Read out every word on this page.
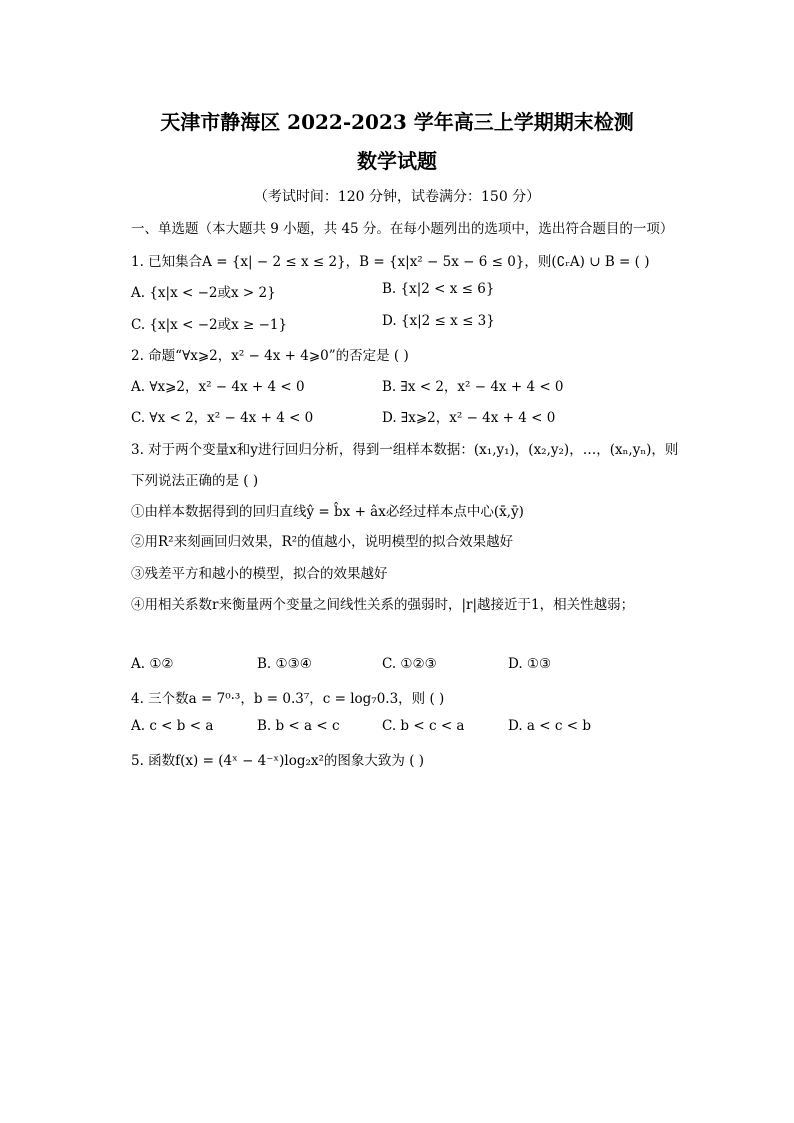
天津市静海区 2022-2023 学年高三上学期期末检测
数学试题
（考试时间：120 分钟，试卷满分：150 分）
一、单选题（本大题共 9 小题，共 45 分。在每小题列出的选项中，选出符合题目的一项）
1. 已知集合A = {x| − 2 ≤ x ≤ 2}，B = {x|x² − 5x − 6 ≤ 0}，则(∁ᵣA) ∪ B = ( )
A. {x|x < −2或x > 2}	B. {x|2 < x ≤ 6}
C. {x|x < −2或x ≥ −1}	D. {x|2 ≤ x ≤ 3}
2. 命题“∀x⩾2，x² − 4x + 4⩾0”的否定是 ( )
A. ∀x⩾2，x² − 4x + 4 < 0	B. ∃x < 2，x² − 4x + 4 < 0
C. ∀x < 2，x² − 4x + 4 < 0	D. ∃x⩾2，x² − 4x + 4 < 0
3. 对于两个变量x和y进行回归分析，得到一组样本数据：(x₁,y₁)，(x₂,y₂)，…，(xₙ,yₙ)，则
下列说法正确的是 ( )
①由样本数据得到的回归直线ŷ = b̂x + âx必经过样本点中心(x̄,ȳ)
②用R²来刻画回归效果，R²的值越小，说明模型的拟合效果越好
③残差平方和越小的模型，拟合的效果越好
④用相关系数r来衡量两个变量之间线性关系的强弱时，|r|越接近于1，相关性越弱；
A. ①②	B. ①③④	C. ①②③	D. ①③
4. 三个数a = 7⁰·³，b = 0.3⁷，c = log₇0.3，则 ( )
A. c < b < a	B. b < a < c	C. b < c < a	D. a < c < b
5. 函数f(x) = (4ˣ − 4⁻ˣ)log₂x²的图象大致为 ( )
